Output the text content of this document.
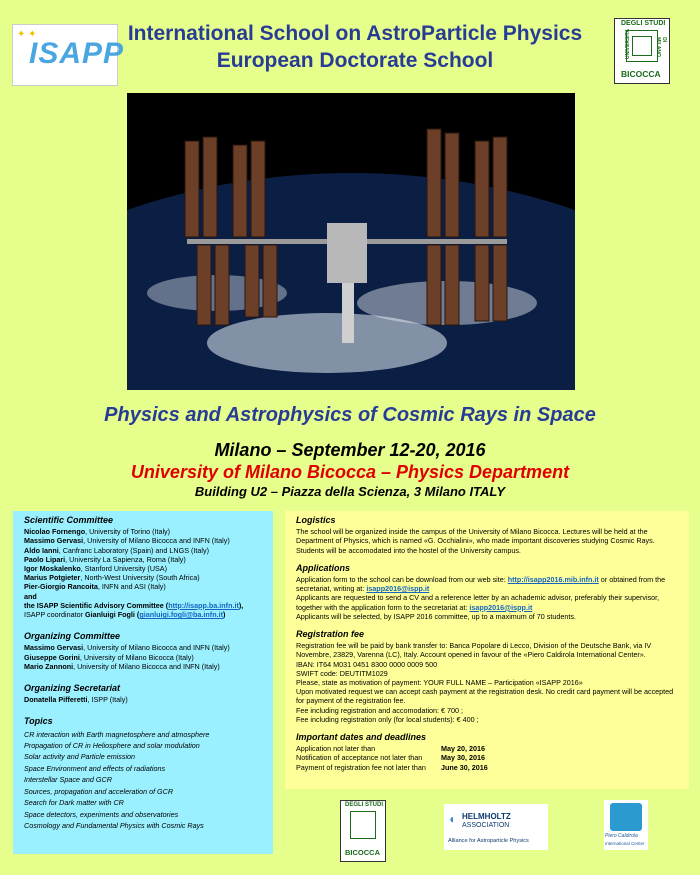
✦ ✦
ISAPP
International School on AstroParticle Physics
European Doctorate School
DEGLI STUDI
UNIVERSITA	DI MILANO
BICOCCA
Physics and Astrophysics of Cosmic Rays in Space
Milano – September 12-20, 2016
University of Milano Bicocca – Physics Department
Building U2 – Piazza della Scienza, 3 Milano ITALY
Scientific Committee
Nicolao Fornengo, University of Torino (Italy)
Massimo Gervasi, University of Milano Bicocca and INFN (Italy)
Aldo Ianni, Canfranc Laboratory (Spain) and LNGS (Italy)
Paolo Lipari, University La Sapienza, Roma (Italy)
Igor Moskalenko, Stanford University (USA)
Marius Potgieter, North-West University (South Africa)
Pier-Giorgio Rancoita, INFN and ASI (Italy)
and
the ISAPP Scientific Advisory Committee (http://isapp.ba.infn.it),
ISAPP coordinator Gianluigi Fogli (gianluigi.fogli@ba.infn.it)
Organizing Committee
Massimo Gervasi, University of Milano Bicocca and INFN (Italy)
Giuseppe Gorini, University of Milano Bicocca (Italy)
Mario Zannoni, University of Milano Bicocca and INFN (Italy)
Organizing Secretariat
Donatella Pifferetti, ISPP (Italy)
Topics
CR interaction with Earth magnetosphere and atmosphere
Propagation of CR in Heliosphere and solar modulation
Solar activity and Particle emission
Space Environment and effects of radiations
Interstellar Space and GCR
Sources, propagation and acceleration of GCR
Search for Dark matter with CR
Space detectors, experiments and observatories
Cosmology and Fundamental Physics with Cosmic Rays
Logistics
The school will be organized inside the campus of the University of Milano Bicocca. Lectures will be held at the Department of Physics, which is named «G. Occhialini», who made important discoveries studying Cosmic Rays. Students will be accomodated into the hostel of the University campus.
Applications
Application form to the school can be download from our web site: http://isapp2016.mib.infn.it or obtained from the secretariat, writing at: isapp2016@ispp.it
Applicants are requested to send a CV and a reference letter by an achademic advisor, preferably their supervisor, together with the application form to the secretariat at: isapp2016@ispp.it
Applicants will be selected, by ISAPP 2016 committee, up to a maximum of 70 students.
Registration fee
Registration fee will be paid by bank transfer to: Banca Popolare di Lecco, Division of the Deutsche Bank, via IV Novembre, 23829, Varenna (LC), Italy. Account opened in favour of the «Piero Caldirola International Center».
IBAN: IT64 M031 0451 8300 0000 0009 500
SWIFT code: DEUTITM1029
Please, state as motivation of payment: YOUR FULL NAME – Participation «ISAPP 2016»
Upon motivated request we can accept cash payment at the registration desk. No credit card payment will be accepted for payment of the registration fee.
Fee including registration and accomodation: € 700 ;
Fee including registration only (for local students): € 400 ;
Important dates and deadlines
Application not later than	May 20, 2016
Notification of acceptance not later than	May 30, 2016
Payment of registration fee not later than	June 30, 2016
DEGLI STUDI
BICOCCA
◖ HELMHOLTZ
ASSOCIATION
Alliance for Astroparticle Physics
Piero Caldirola
International Center
